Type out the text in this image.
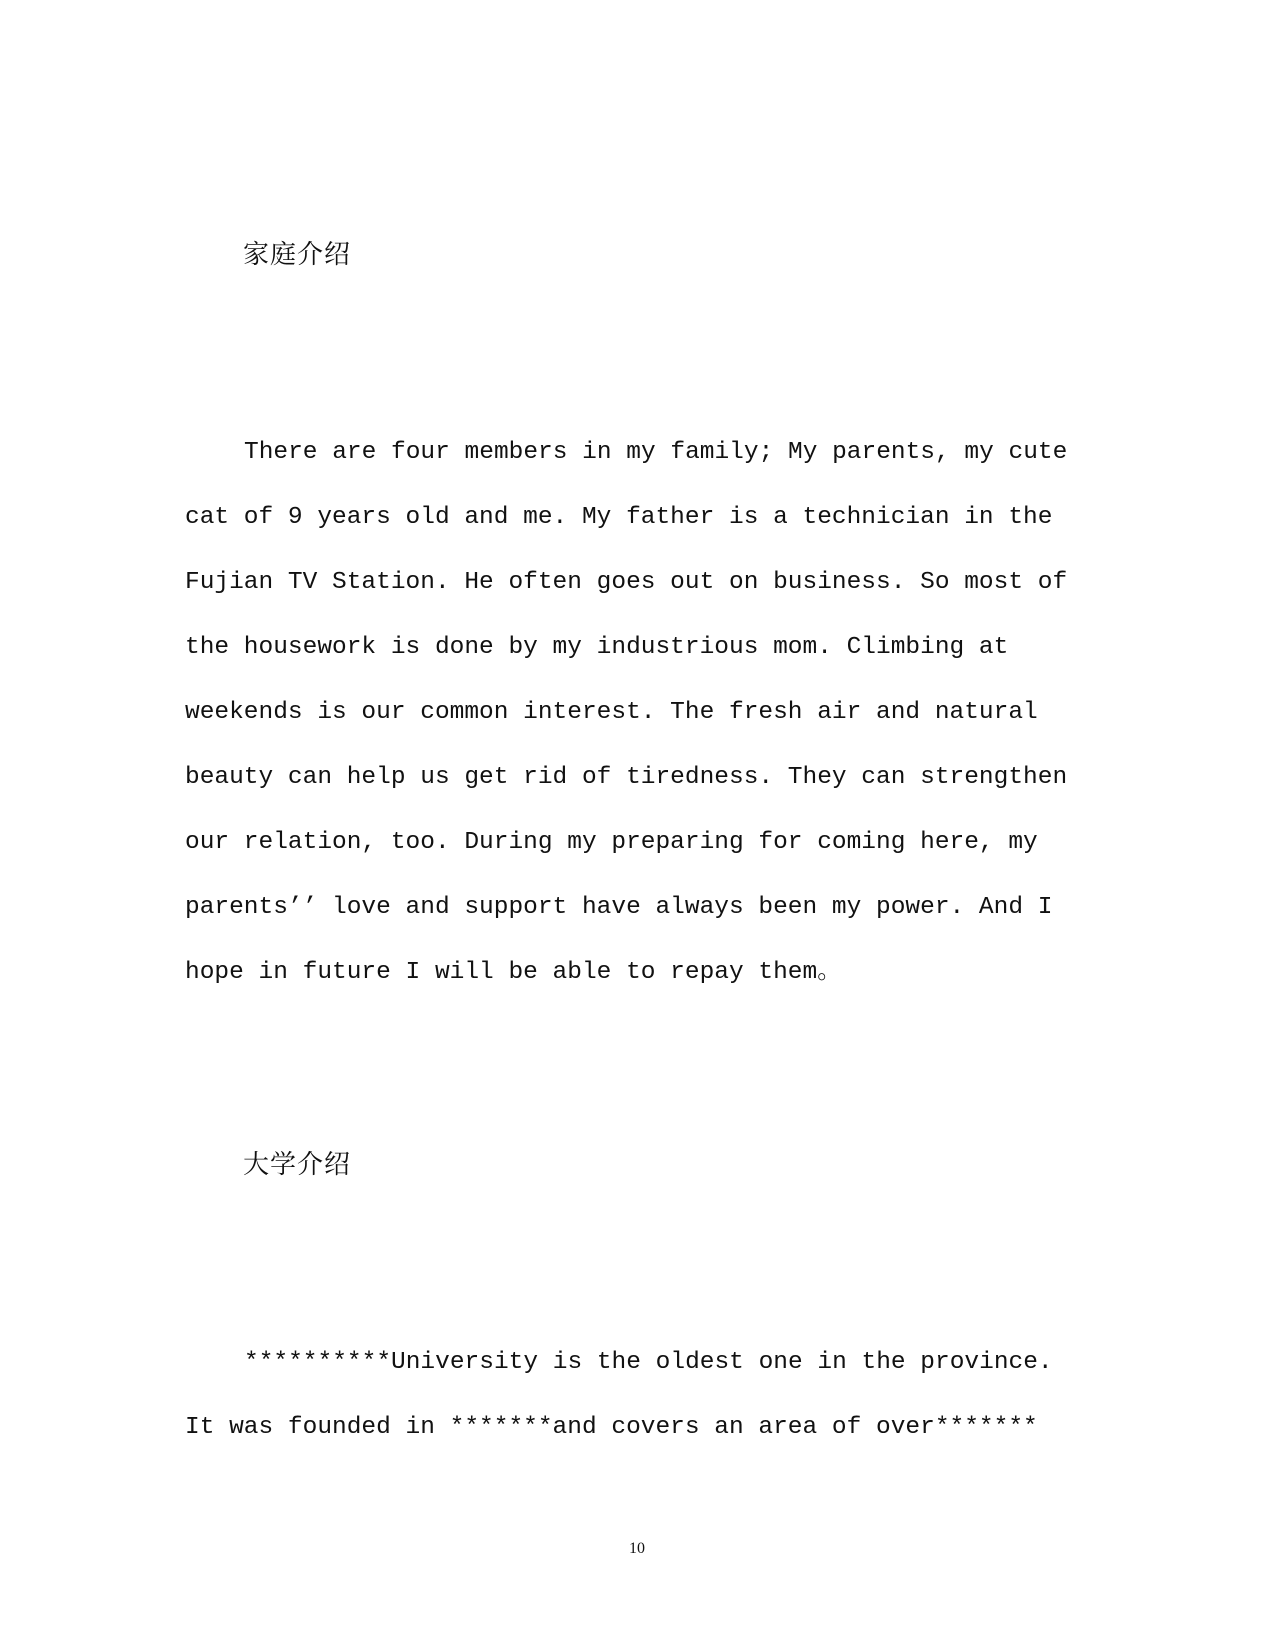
家庭介绍
There are four members in my family; My parents, my cute
cat of 9 years old and me. My father is a technician in the
Fujian TV Station. He often goes out on business. So most of
the housework is done by my industrious mom. Climbing at
weekends is our common interest. The fresh air and natural
beauty can help us get rid of tiredness. They can strengthen
our relation, too. During my preparing for coming here, my
parents’’ love and support have always been my power. And I
hope in future I will be able to repay them。
大学介绍
**********University is the oldest one in the province.
It was founded in *******and covers an area of over*******
10
